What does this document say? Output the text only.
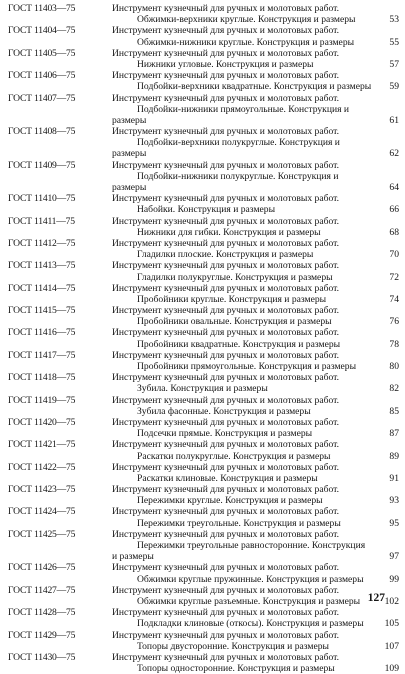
ГОСТ 11403—75	Инструмент кузнечный для ручных и молотовых работ.
Обжимки-верхники круглые. Конструкция и размеры	53
ГОСТ 11404—75	Инструмент кузнечный для ручных и молотовых работ.
Обжимки-нижники круглые. Конструкция и размеры	55
ГОСТ 11405—75	Инструмент кузнечный для ручных и молотовых работ.
Нижники угловые. Конструкция и размеры	57
ГОСТ 11406—75	Инструмент кузнечный для ручных и молотовых работ.
Подбойки-верхники квадратные. Конструкция и размеры	59
ГОСТ 11407—75	Инструмент кузнечный для ручных и молотовых работ.
Подбойки-нижники прямоугольные. Конструкция и
размеры	61
ГОСТ 11408—75	Инструмент кузнечный для ручных и молотовых работ.
Подбойки-верхники полукруглые. Конструкция и
размеры	62
ГОСТ 11409—75	Инструмент кузнечный для ручных и молотовых работ.
Подбойки-нижники полукруглые. Конструкция и
размеры	64
ГОСТ 11410—75	Инструмент кузнечный для ручных и молотовых работ.
Набойки. Конструкция и размеры	66
ГОСТ 11411—75	Инструмент кузнечный для ручных и молотовых работ.
Нижники для гибки. Конструкция и размеры	68
ГОСТ 11412—75	Инструмент кузнечный для ручных и молотовых работ.
Гладилки плоские. Конструкция и размеры	70
ГОСТ 11413—75	Инструмент кузнечный для ручных и молотовых работ.
Гладилки полукруглые. Конструкция и размеры	72
ГОСТ 11414—75	Инструмент кузнечный для ручных и молотовых работ.
Пробойники круглые. Конструкция и размеры	74
ГОСТ 11415—75	Инструмент кузнечный для ручных и молотовых работ.
Пробойники овальные. Конструкция и размеры	76
ГОСТ 11416—75	Инструмент кузнечный для ручных и молотовых работ.
Пробойники квадратные. Конструкция и размеры	78
ГОСТ 11417—75	Инструмент кузнечный для ручных и молотовых работ.
Пробойники прямоугольные. Конструкция и размеры	80
ГОСТ 11418—75	Инструмент кузнечный для ручных и молотовых работ.
Зубила. Конструкция и размеры	82
ГОСТ 11419—75	Инструмент кузнечный для ручных и молотовых работ.
Зубила фасонные. Конструкция и размеры	85
ГОСТ 11420—75	Инструмент кузнечный для ручных и молотовых работ.
Подсечки прямые. Конструкция и размеры	87
ГОСТ 11421—75	Инструмент кузнечный для ручных и молотовых работ.
Раскатки полукруглые. Конструкция и размеры	89
ГОСТ 11422—75	Инструмент кузнечный для ручных и молотовых работ.
Раскатки клиновые. Конструкция и размеры	91
ГОСТ 11423—75	Инструмент кузнечный для ручных и молотовых работ.
Пережимки круглые. Конструкция и размеры	93
ГОСТ 11424—75	Инструмент кузнечный для ручных и молотовых работ.
Пережимки треугольные. Конструкция и размеры	95
ГОСТ 11425—75	Инструмент кузнечный для ручных и молотовых работ.
Пережимки треугольные равносторонние. Конструкция
и размеры	97
ГОСТ 11426—75	Инструмент кузнечный для ручных и молотовых работ.
Обжимки круглые пружинные. Конструкция и размеры	99
ГОСТ 11427—75	Инструмент кузнечный для ручных и молотовых работ.
Обжимки круглые разъемные. Конструкция и размеры	102
ГОСТ 11428—75	Инструмент кузнечный для ручных и молотовых работ.
Подкладки клиновые (откосы). Конструкция и размеры	105
ГОСТ 11429—75	Инструмент кузнечный для ручных и молотовых работ.
Топоры двусторонние. Конструкция и размеры	107
ГОСТ 11430—75	Инструмент кузнечный для ручных и молотовых работ.
Топоры односторонние. Конструкция и размеры	109
127
